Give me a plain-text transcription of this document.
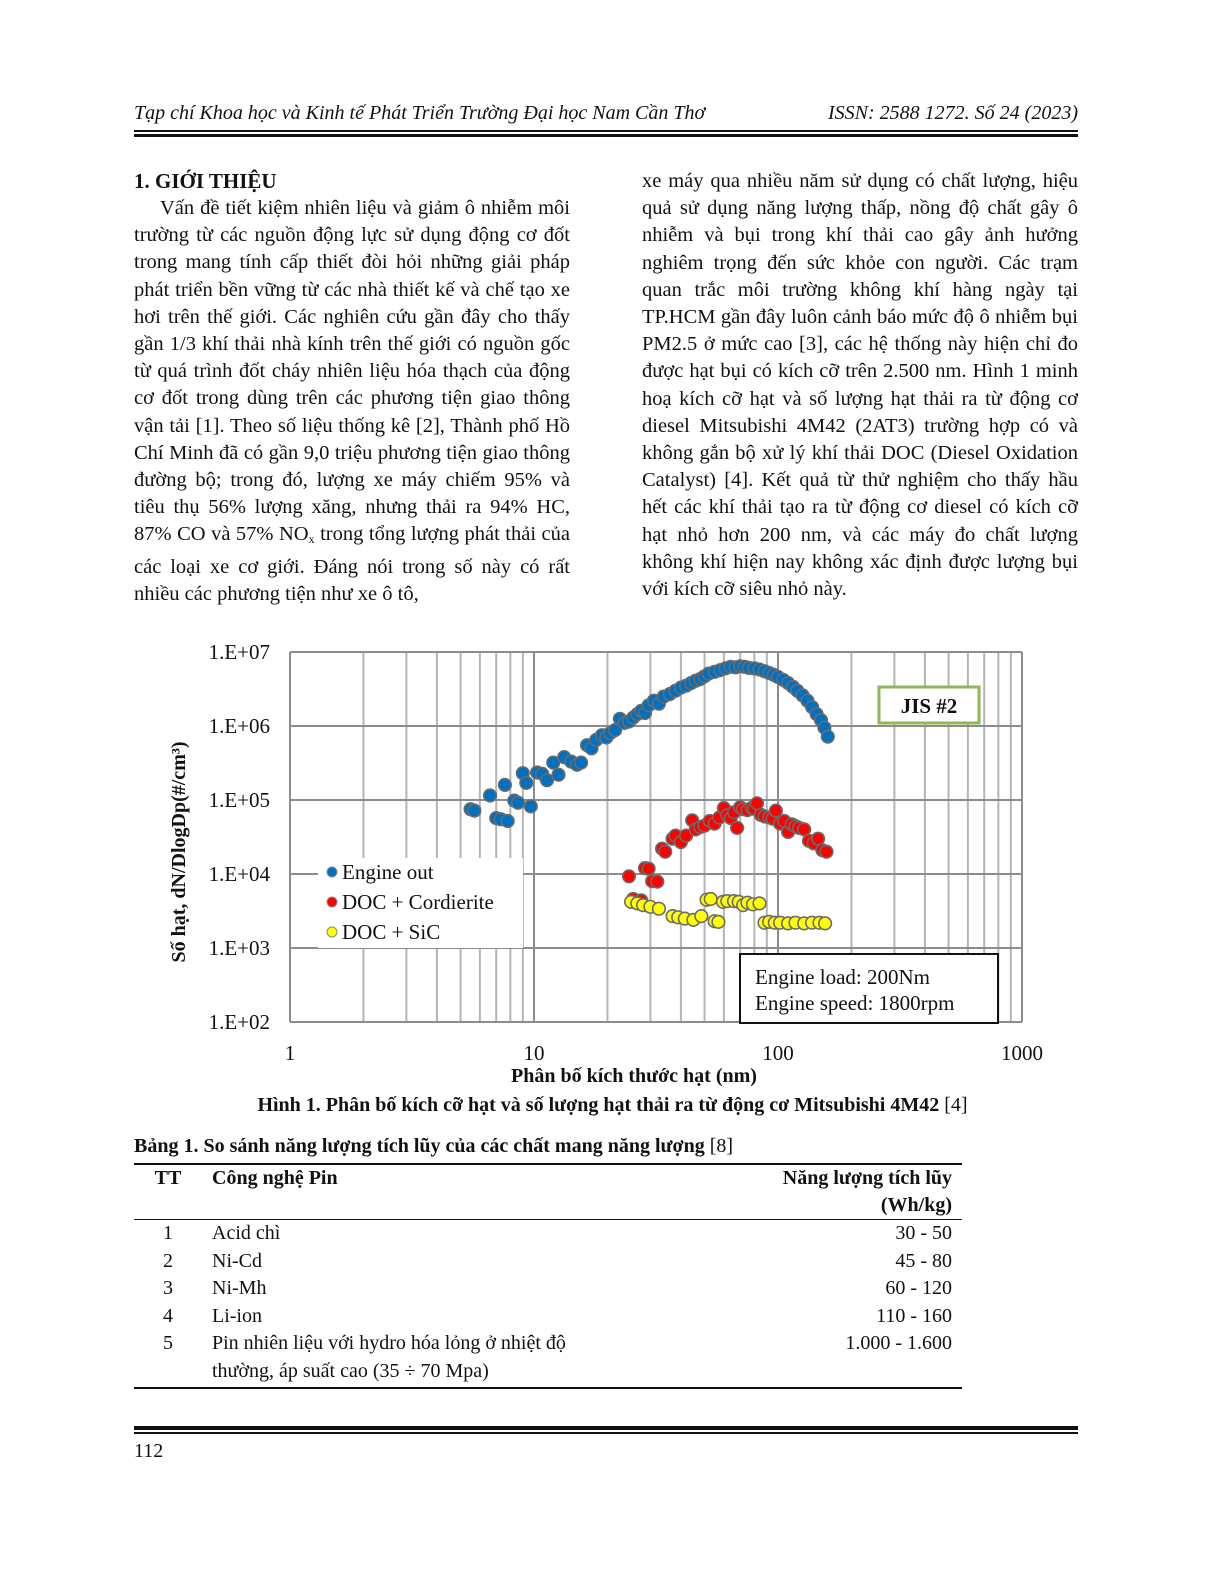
Tạp chí Khoa học và Kinh tế Phát Triển Trường Đại học Nam Cần Thơ	ISSN: 2588 1272. Số 24 (2023)

1. GIỚI THIỆU

Vấn đề tiết kiệm nhiên liệu và giảm ô nhiễm môi trường từ các nguồn động lực sử dụng động cơ đốt trong mang tính cấp thiết đòi hỏi những giải pháp phát triển bền vững từ các nhà thiết kế và chế tạo xe hơi trên thế giới. Các nghiên cứu gần đây cho thấy gần 1/3 khí thải nhà kính trên thế giới có nguồn gốc từ quá trình đốt cháy nhiên liệu hóa thạch của động cơ đốt trong dùng trên các phương tiện giao thông vận tải [1]. Theo số liệu thống kê [2], Thành phố Hồ Chí Minh đã có gần 9,0 triệu phương tiện giao thông đường bộ; trong đó, lượng xe máy chiếm 95% và tiêu thụ 56% lượng xăng, nhưng thải ra 94% HC, 87% CO và 57% $NO_x$ trong tổng lượng phát thải của các loại xe cơ giới. Đáng nói trong số này có rất nhiều các phương tiện như xe ô tô,

xe máy qua nhiều năm sử dụng có chất lượng, hiệu quả sử dụng năng lượng thấp, nồng độ chất gây ô nhiễm và bụi trong khí thải cao gây ảnh hưởng nghiêm trọng đến sức khỏe con người. Các trạm quan trắc môi trường không khí hàng ngày tại TP.HCM gần đây luôn cảnh báo mức độ ô nhiễm bụi PM2.5 ở mức cao [3], các hệ thống này hiện chỉ đo được hạt bụi có kích cỡ trên 2.500 nm. Hình 1 minh hoạ kích cỡ hạt và số lượng hạt thải ra từ động cơ diesel Mitsubishi 4M42 (2AT3) trường hợp có và không gắn bộ xử lý khí thải DOC (Diesel Oxidation Catalyst) [4]. Kết quả từ thử nghiệm cho thấy hầu hết các khí thải tạo ra từ động cơ diesel có kích cỡ hạt nhỏ hơn 200 nm, và các máy đo chất lượng không khí hiện nay không xác định được lượng bụi với kích cỡ siêu nhỏ này.

1.E+02
1.E+03
1.E+04
1.E+05
1.E+06
1.E+07
1	10	100	1000
JIS #2
Engine load: 200Nm
Engine speed: 1800rpm
Engine out
DOC + Cordierite
DOC + SiC
Số hạt, dN/DlogDp(#/cm³)
Phân bố kích thước hạt (nm)
Hình 1. Phân bố kích cỡ hạt và số lượng hạt thải ra từ động cơ Mitsubishi 4M42 [4]
Bảng 1. So sánh năng lượng tích lũy của các chất mang năng lượng [8]
TT	Công nghệ Pin	Năng lượng tích lũy
(Wh/kg)
1	Acid chì	30 - 50
2	Ni-Cd	45 - 80
3	Ni-Mh	60 - 120
4	Li-ion	110 - 160
5	Pin nhiên liệu với hydro hóa lỏng ở nhiệt độ thường, áp suất cao (35 ÷ 70 Mpa)	1.000 - 1.600
112
